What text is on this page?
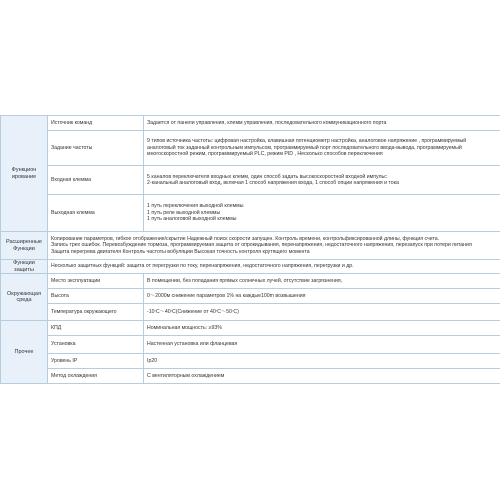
Функцион
ирование	Источник команд	Задается от панели управления, клемм управления, последовательного коммуникационного порта

	Задание частоты	9 типов источника частоты: цифровая настройка, клавишная потенциометр настройка, аналоговое напряжение , программируемый
аналоговый ток заданный контрольным импульсом, программируемый порт последовательного ввода-вывода, программируемый
многоскоростной режим, программируемый PLC, режим PID , Несколько способов переключения

	Входная клемма	5 каналов переключателя входных клемм, один способ задать высокоскоростной входной импульс
2-канальный аналоговый вход, включая 1 способ напряжения входа, 1 способ опции напряжения и тока

	Выходная клемма	1 путь переключения выходной клеммы
1 путь реле выходной клеммы
1 путь аналоговой выходной клеммы

Расширенные
Функции	Копирование параметров, гибкое отображение/скрытие Надежный поиск скорости запущен. Контроль времени, контрольфиксированной длины, функция счета.
Запись трех ошибок. Перевозбуждение тормоза, программируемая защита от опрокидывания, перенапряжения, недостаточного напряжения, перезапуск при потери питания
Защита перегрева двигателя Контроль частоты вобуляции Высокая точность контроля крутящего момента	

Функции
защиты	Несколько защитных функций: защита от перегрузки по току, перенапряжения, недостаточного напряжения, перегрузки и др.	

Окружающая
среда	Место эксплуатации	В помещении, без попадания прямых солнечных лучей, отсутствие загрязнения,
	Высота	0～2000м снижение параметров 1% на каждые100m возвышения
	Температура окружающего	-10°C～40°C(Снижение от 40°C～50°C)
Прочее	КПД	Номинальная мощность: ≥93%
	Установка	Настенная установка или фланцевая
	Уровень IP	Ip20
	Метод охлаждения	С вентиляторным охлаждением
